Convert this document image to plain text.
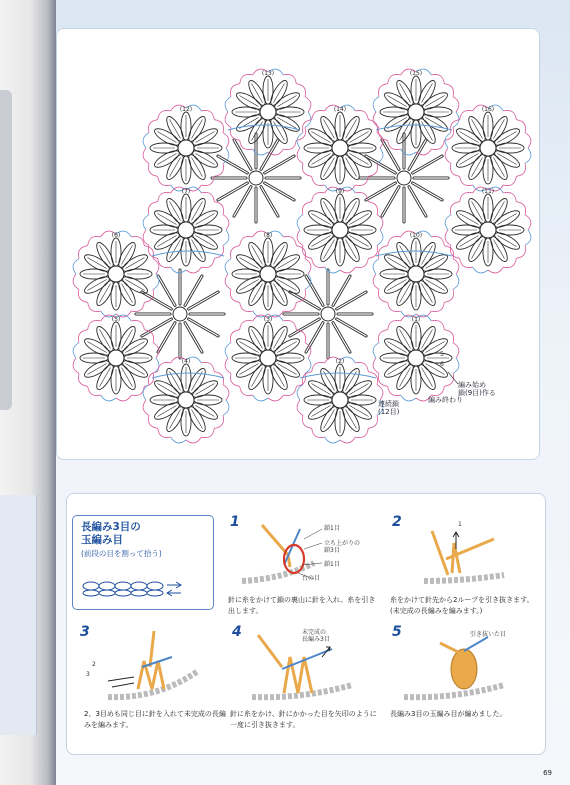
(13)	(15)
(14)	(16)
(12)
(7)	(9)	(11)
(6)	(8)	(10)
(5)	(3)	(1)
(4)	(2)
5
6
編み始め
鎖(9目)作る
編み終わり
連続鎖
(12目)
長編み3目の
玉編み目
(前段の目を割って拾う)
1	鎖1目
立ち上がりの鎖3目
鎖1目
台の目
針に糸をかけて鎖の裏山に針を入れ、糸を引き出します。
2	1
糸をかけて針先から2ループを引き抜きます。(未完成の長編みを編みます。)
3
2
3
2、3目めも同じ目に針を入れて未完成の長編みを編みます。
4	未完成の
長編み3目
針に糸をかけ、針にかかった目を矢印のように一度に引き抜きます。
5	引き抜いた目
長編み3目の玉編み目が編めました。
69
